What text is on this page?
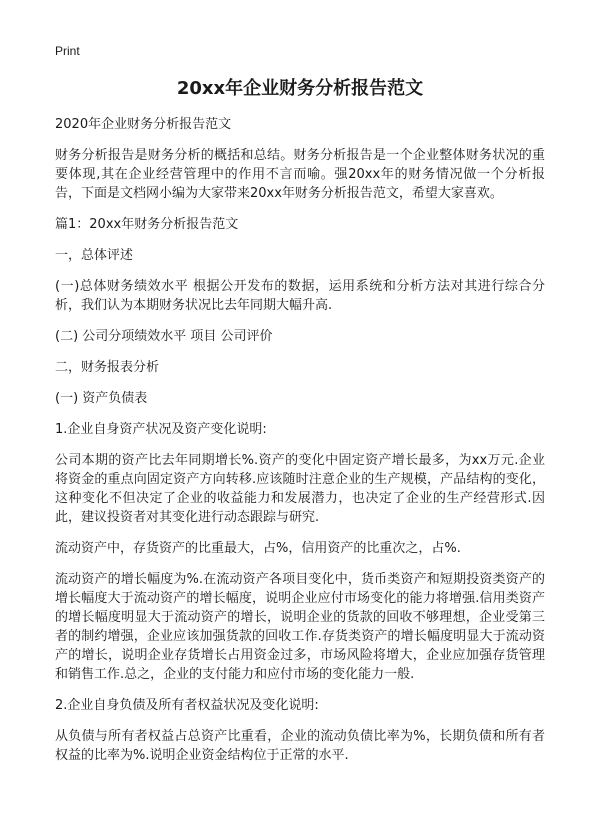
Print
20xx年企业财务分析报告范文

2020年企业财务分析报告范文

财务分析报告是财务分析的概括和总结。财务分析报告是一个企业整体财务状况的重要体现,其在企业经营管理中的作用不言而喻。强20xx年的财务情况做一个分析报告，下面是文档网小编为大家带来20xx年财务分析报告范文，希望大家喜欢。

篇1：20xx年财务分析报告范文

一，总体评述

(一)总体财务绩效水平 根据公开发布的数据，运用系统和分析方法对其进行综合分析，我们认为本期财务状况比去年同期大幅升高.

(二) 公司分项绩效水平 项目 公司评价

二，财务报表分析

(一) 资产负债表

1.企业自身资产状况及资产变化说明:

公司本期的资产比去年同期增长%.资产的变化中固定资产增长最多，为xx万元.企业将资金的重点向固定资产方向转移.应该随时注意企业的生产规模，产品结构的变化，这种变化不但决定了企业的收益能力和发展潜力，也决定了企业的生产经营形式.因此，建议投资者对其变化进行动态跟踪与研究.

流动资产中，存货资产的比重最大，占%，信用资产的比重次之，占%.

流动资产的增长幅度为%.在流动资产各项目变化中，货币类资产和短期投资类资产的增长幅度大于流动资产的增长幅度，说明企业应付市场变化的能力将增强.信用类资产的增长幅度明显大于流动资产的增长，说明企业的货款的回收不够理想，企业受第三者的制约增强，企业应该加强货款的回收工作.存货类资产的增长幅度明显大于流动资产的增长，说明企业存货增长占用资金过多，市场风险将增大，企业应加强存货管理和销售工作.总之，企业的支付能力和应付市场的变化能力一般.

2.企业自身负债及所有者权益状况及变化说明:

从负债与所有者权益占总资产比重看，企业的流动负债比率为%，长期负债和所有者权益的比率为%.说明企业资金结构位于正常的水平.
